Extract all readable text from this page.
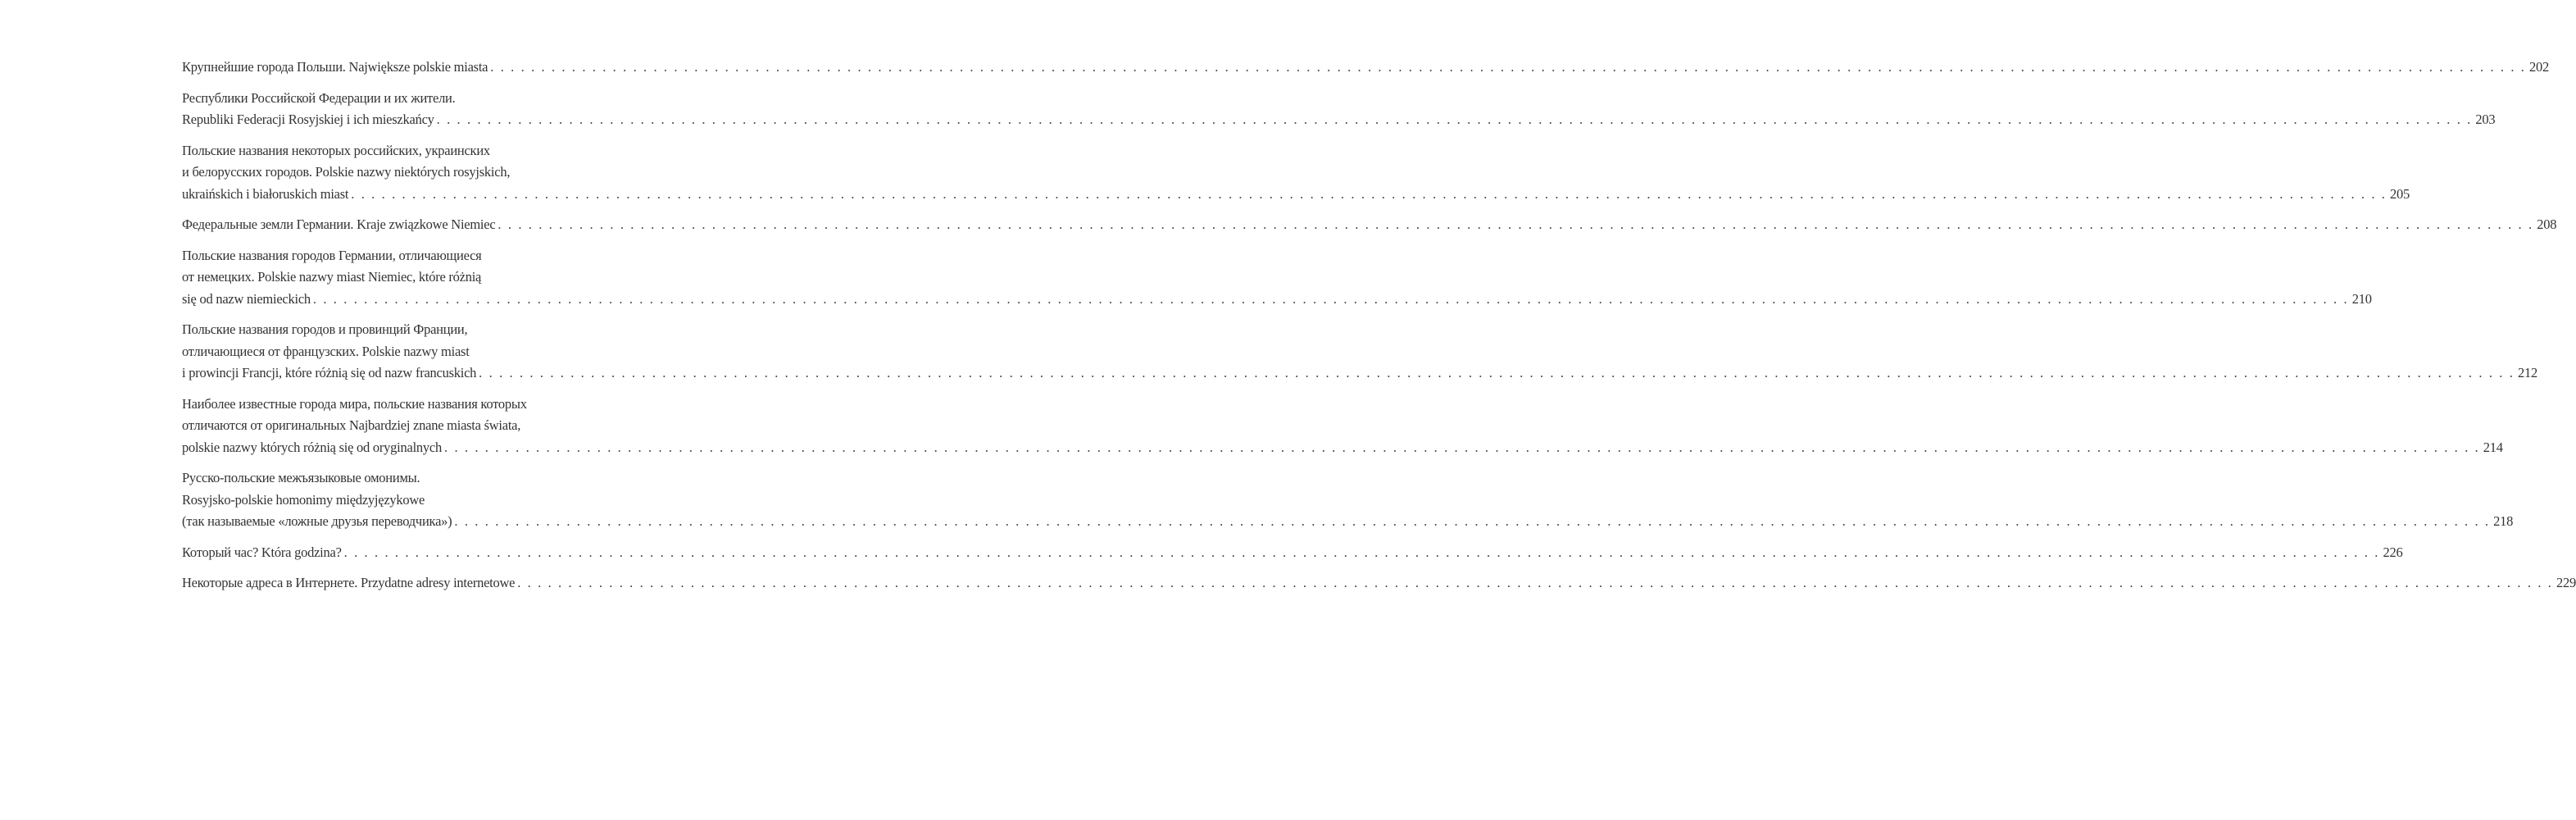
Крупнейшие города Польши. Największe polskie miasta . . . . . . . . . . . . . . . . . . . . . . . . . . . . . . . . . . . . . . . . . . . . . . . . . . . . . . . . . . . . . . . . . . . . . . . . . . . . . . . . . . . . . . . . . . . . . . . . . . . . . . . . . . . . . . . . . . . . . . . . . . . . . . . . . . . . . . . . . . . . . . . . . . . . . . . . . . . . . . . . . . . . . . . . . . . . . . . . . . . . . . . . . . . . . . . . . . . . . . . . 202
Республики Российской Федерации и их жители.
Republiki Federacji Rosyjskiej i ich mieszkańcy . . . . . . . . . . . . . . . . . . . . . . . . . . . . . . . . . . . . . . . . . . . . . . . . . . . . . . . . . . . . . . . . . . . . . . . . . . . . . . . . . . . . . . . . . . . . . . . . . . . . . . . . . . . . . . . . . . . . . . . . . . . . . . . . . . . . . . . . . . . . . . . . . . . . . . . . . . . . . . . . . . . . . . . . . . . . . . . . . . . . . . . . . . . . . . . . . . . . . . . . 203
Польские названия некоторых российских, украинских
и белорусских городов. Polskie nazwy niektórych rosyjskich,
ukraińskich i białoruskich miast . . . . . . . . . . . . . . . . . . . . . . . . . . . . . . . . . . . . . . . . . . . . . . . . . . . . . . . . . . . . . . . . . . . . . . . . . . . . . . . . . . . . . . . . . . . . . . . . . . . . . . . . . . . . . . . . . . . . . . . . . . . . . . . . . . . . . . . . . . . . . . . . . . . . . . . . . . . . . . . . . . . . . . . . . . . . . . . . . . . . . . . . . . . . . . . . . . . . . . . . 205
Федеральные земли Германии. Kraje związkowe Niemiec . . . . . . . . . . . . . . . . . . . . . . . . . . . . . . . . . . . . . . . . . . . . . . . . . . . . . . . . . . . . . . . . . . . . . . . . . . . . . . . . . . . . . . . . . . . . . . . . . . . . . . . . . . . . . . . . . . . . . . . . . . . . . . . . . . . . . . . . . . . . . . . . . . . . . . . . . . . . . . . . . . . . . . . . . . . . . . . . . . . . . . . . . . . . . . . . . . . . . . . . 208
Польские названия городов Германии, отличающиеся
от немецких. Polskie nazwy miast Niemiec, które różnią
się od nazw niemieckich . . . . . . . . . . . . . . . . . . . . . . . . . . . . . . . . . . . . . . . . . . . . . . . . . . . . . . . . . . . . . . . . . . . . . . . . . . . . . . . . . . . . . . . . . . . . . . . . . . . . . . . . . . . . . . . . . . . . . . . . . . . . . . . . . . . . . . . . . . . . . . . . . . . . . . . . . . . . . . . . . . . . . . . . . . . . . . . . . . . . . . . . . . . . . . . . . . . . . . . . 210
Польские названия городов и провинций Франции,
отличающиеся от французских. Polskie nazwy miast
i prowincji Francji, które różnią się od nazw francuskich . . . . . . . . . . . . . . . . . . . . . . . . . . . . . . . . . . . . . . . . . . . . . . . . . . . . . . . . . . . . . . . . . . . . . . . . . . . . . . . . . . . . . . . . . . . . . . . . . . . . . . . . . . . . . . . . . . . . . . . . . . . . . . . . . . . . . . . . . . . . . . . . . . . . . . . . . . . . . . . . . . . . . . . . . . . . . . . . . . . . . . . . . . . . . . . . . . . . . . . . 212
Наиболее известные города мира, польские названия которых
отличаются от оригинальных Najbardziej znane miasta świata,
polskie nazwy których różnią się od oryginalnych . . . . . . . . . . . . . . . . . . . . . . . . . . . . . . . . . . . . . . . . . . . . . . . . . . . . . . . . . . . . . . . . . . . . . . . . . . . . . . . . . . . . . . . . . . . . . . . . . . . . . . . . . . . . . . . . . . . . . . . . . . . . . . . . . . . . . . . . . . . . . . . . . . . . . . . . . . . . . . . . . . . . . . . . . . . . . . . . . . . . . . . . . . . . . . . . . . . . . . . . 214
Русско-польские межъязыковые омонимы.
Rosyjsko-polskie homonimy międzyjęzykowe
(так называемые «ложные друзья переводчика») . . . . . . . . . . . . . . . . . . . . . . . . . . . . . . . . . . . . . . . . . . . . . . . . . . . . . . . . . . . . . . . . . . . . . . . . . . . . . . . . . . . . . . . . . . . . . . . . . . . . . . . . . . . . . . . . . . . . . . . . . . . . . . . . . . . . . . . . . . . . . . . . . . . . . . . . . . . . . . . . . . . . . . . . . . . . . . . . . . . . . . . . . . . . . . . . . . . . . . . . 218
Который час? Która godzina? . . . . . . . . . . . . . . . . . . . . . . . . . . . . . . . . . . . . . . . . . . . . . . . . . . . . . . . . . . . . . . . . . . . . . . . . . . . . . . . . . . . . . . . . . . . . . . . . . . . . . . . . . . . . . . . . . . . . . . . . . . . . . . . . . . . . . . . . . . . . . . . . . . . . . . . . . . . . . . . . . . . . . . . . . . . . . . . . . . . . . . . . . . . . . . . . . . . . . . . . 226
Некоторые адреса в Интернете. Przydatne adresy internetowe . . . . . . . . . . . . . . . . . . . . . . . . . . . . . . . . . . . . . . . . . . . . . . . . . . . . . . . . . . . . . . . . . . . . . . . . . . . . . . . . . . . . . . . . . . . . . . . . . . . . . . . . . . . . . . . . . . . . . . . . . . . . . . . . . . . . . . . . . . . . . . . . . . . . . . . . . . . . . . . . . . . . . . . . . . . . . . . . . . . . . . . . . . . . . . . . . . . . . . . . 229
